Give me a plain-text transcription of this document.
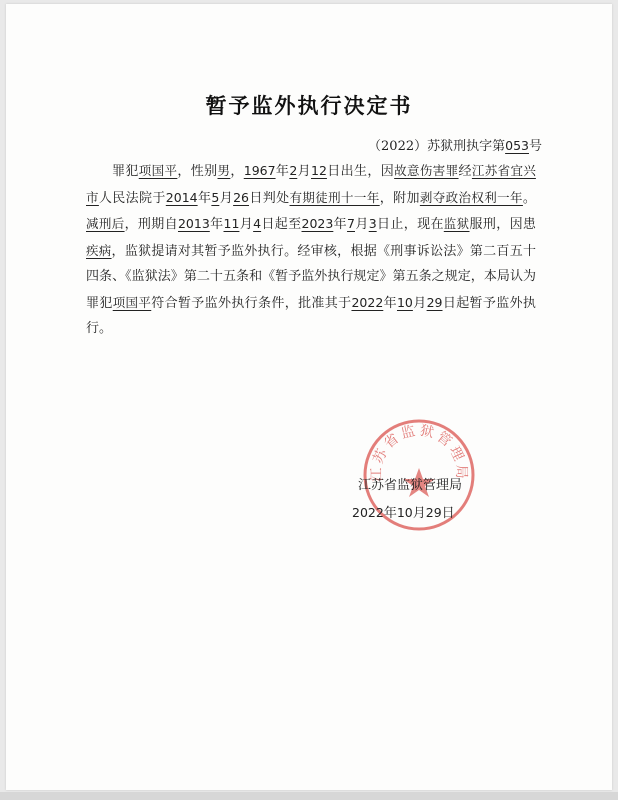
暂予监外执行决定书
（2022）苏狱刑执字第053号
罪犯项国平，性别男，1967年2月12日出生，因故意伤害罪经江苏省宜兴市人民法院于2014年5月26日判处有期徒刑十一年，附加剥夺政治权利一年。减刑后，刑期自2013年11月4日起至2023年7月3日止，现在监狱服刑，因患疾病，监狱提请对其暂予监外执行。经审核，根据《刑事诉讼法》第二百五十四条、《监狱法》第二十五条和《暂予监外执行规定》第五条之规定，本局认为罪犯项国平符合暂予监外执行条件，批准其于2022年10月29日起暂予监外执行。
江苏省监狱管理局
江苏省监狱管理局
2022年10月29日
